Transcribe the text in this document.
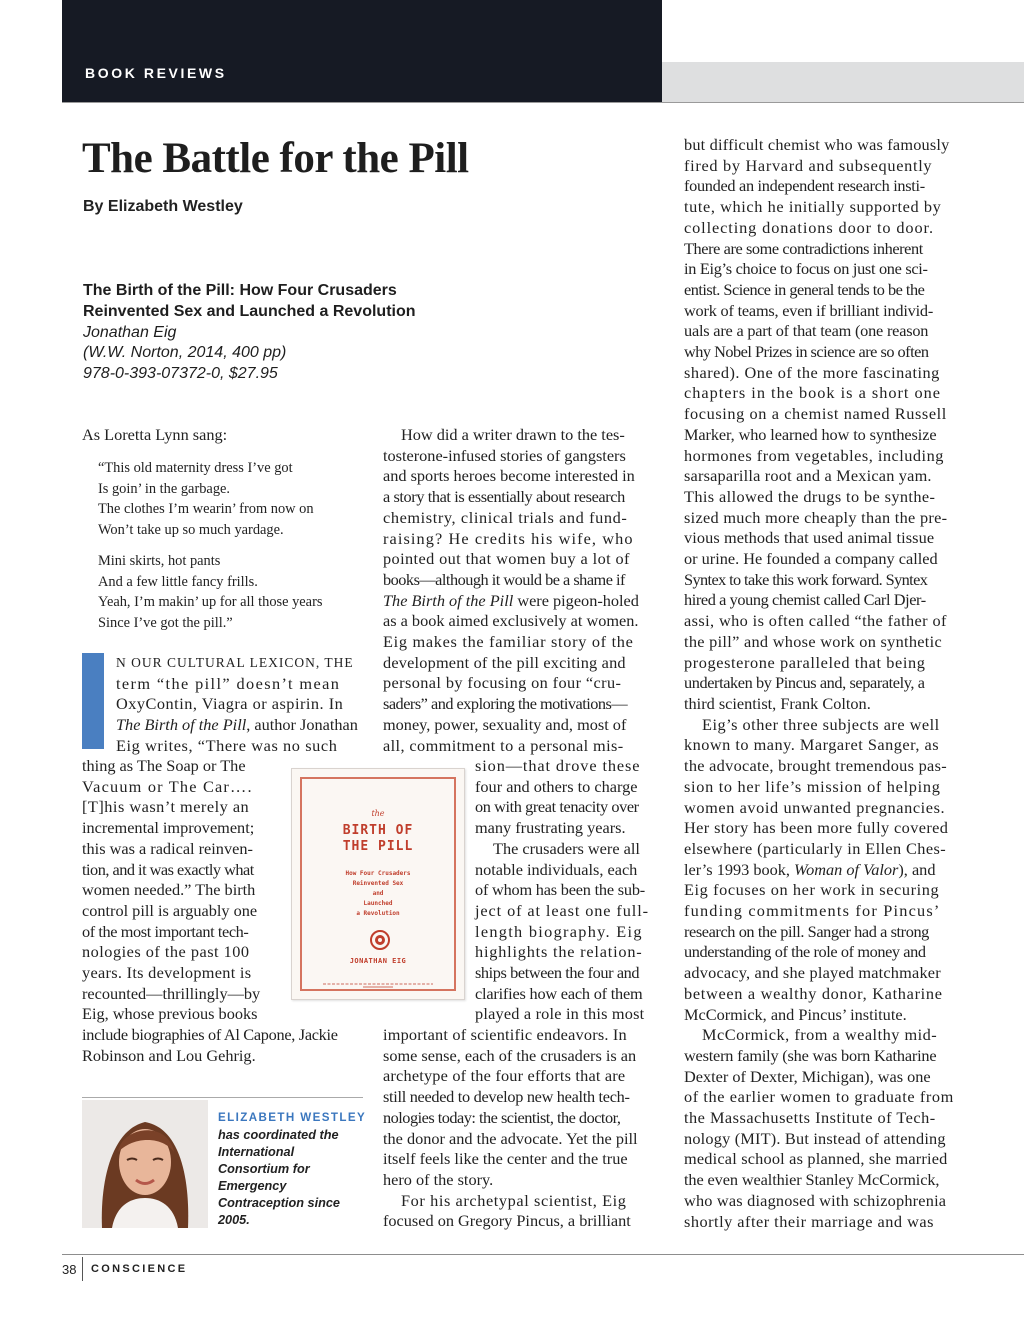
BOOK REVIEWS
The Battle for the Pill
By Elizabeth Westley
The Birth of the Pill: How Four Crusaders
Reinvented Sex and Launched a Revolution
Jonathan Eig
(W.W. Norton, 2014, 400 pp)
978-0-393-07372-0, $27.95
As Loretta Lynn sang:
“This old maternity dress I’ve got
Is goin’ in the garbage.
The clothes I’m wearin’ from now on
Won’t take up so much yardage.
Mini skirts, hot pants
And a few little fancy frills.
Yeah, I’m makin’ up for all those years
Since I’ve got the pill.”
N OUR CULTURAL LEXICON, THE
term “the pill” doesn’t mean
OxyContin, Viagra or aspirin. In
The Birth of the Pill, author Jonathan
Eig writes, “There was no such
thing as The Soap or The
Vacuum or The Car….
[T]his wasn’t merely an
incremental improvement;
this was a radical reinven-
tion, and it was exactly what
women needed.” The birth
control pill is arguably one
of the most important tech-
nologies of the past 100
years. Its development is
recounted—thrillingly—by
Eig, whose previous books
include biographies of Al Capone, Jackie
Robinson and Lou Gehrig.
the
BIRTH OF
THE PILL
How Four Crusaders
Reinvented Sex
and
Launched
a Revolution
JONATHAN EIG
How did a writer drawn to the tes-
tosterone-infused stories of gangsters
and sports heroes become interested in
a story that is essentially about research
chemistry, clinical trials and fund-
raising? He credits his wife, who
pointed out that women buy a lot of
books—although it would be a shame if
The Birth of the Pill were pigeon-holed
as a book aimed exclusively at women.
Eig makes the familiar story of the
development of the pill exciting and
personal by focusing on four “cru-
saders” and exploring the motivations—
money, power, sexuality and, most of
all, commitment to a personal mis-
sion—that drove these
four and others to charge
on with great tenacity over
many frustrating years.
The crusaders were all
notable individuals, each
of whom has been the sub-
ject of at least one full-
length biography. Eig
highlights the relation-
ships between the four and
clarifies how each of them
played a role in this most
important of scientific endeavors. In
some sense, each of the crusaders is an
archetype of the four efforts that are
still needed to develop new health tech-
nologies today: the scientist, the doctor,
the donor and the advocate. Yet the pill
itself feels like the center and the true
hero of the story.
For his archetypal scientist, Eig
focused on Gregory Pincus, a brilliant
but difficult chemist who was famously
fired by Harvard and subsequently
founded an independent research insti-
tute, which he initially supported by
collecting donations door to door.
There are some contradictions inherent
in Eig’s choice to focus on just one sci-
entist. Science in general tends to be the
work of teams, even if brilliant individ-
uals are a part of that team (one reason
why Nobel Prizes in science are so often
shared). One of the more fascinating
chapters in the book is a short one
focusing on a chemist named Russell
Marker, who learned how to synthesize
hormones from vegetables, including
sarsaparilla root and a Mexican yam.
This allowed the drugs to be synthe-
sized much more cheaply than the pre-
vious methods that used animal tissue
or urine. He founded a company called
Syntex to take this work forward. Syntex
hired a young chemist called Carl Djer-
assi, who is often called “the father of
the pill” and whose work on synthetic
progesterone paralleled that being
undertaken by Pincus and, separately, a
third scientist, Frank Colton.
Eig’s other three subjects are well
known to many. Margaret Sanger, as
the advocate, brought tremendous pas-
sion to her life’s mission of helping
women avoid unwanted pregnancies.
Her story has been more fully covered
elsewhere (particularly in Ellen Ches-
ler’s 1993 book, Woman of Valor), and
Eig focuses on her work in securing
funding commitments for Pincus’
research on the pill. Sanger had a strong
understanding of the role of money and
advocacy, and she played matchmaker
between a wealthy donor, Katharine
McCormick, and Pincus’ institute.
McCormick, from a wealthy mid-
western family (she was born Katharine
Dexter of Dexter, Michigan), was one
of the earlier women to graduate from
the Massachusetts Institute of Tech-
nology (MIT). But instead of attending
medical school as planned, she married
the even wealthier Stanley McCormick,
who was diagnosed with schizophrenia
shortly after their marriage and was
ELIZABETH WESTLEY
has coordinated the
International
Consortium for
Emergency
Contraception since
2005.
38 CONSCIENCE
